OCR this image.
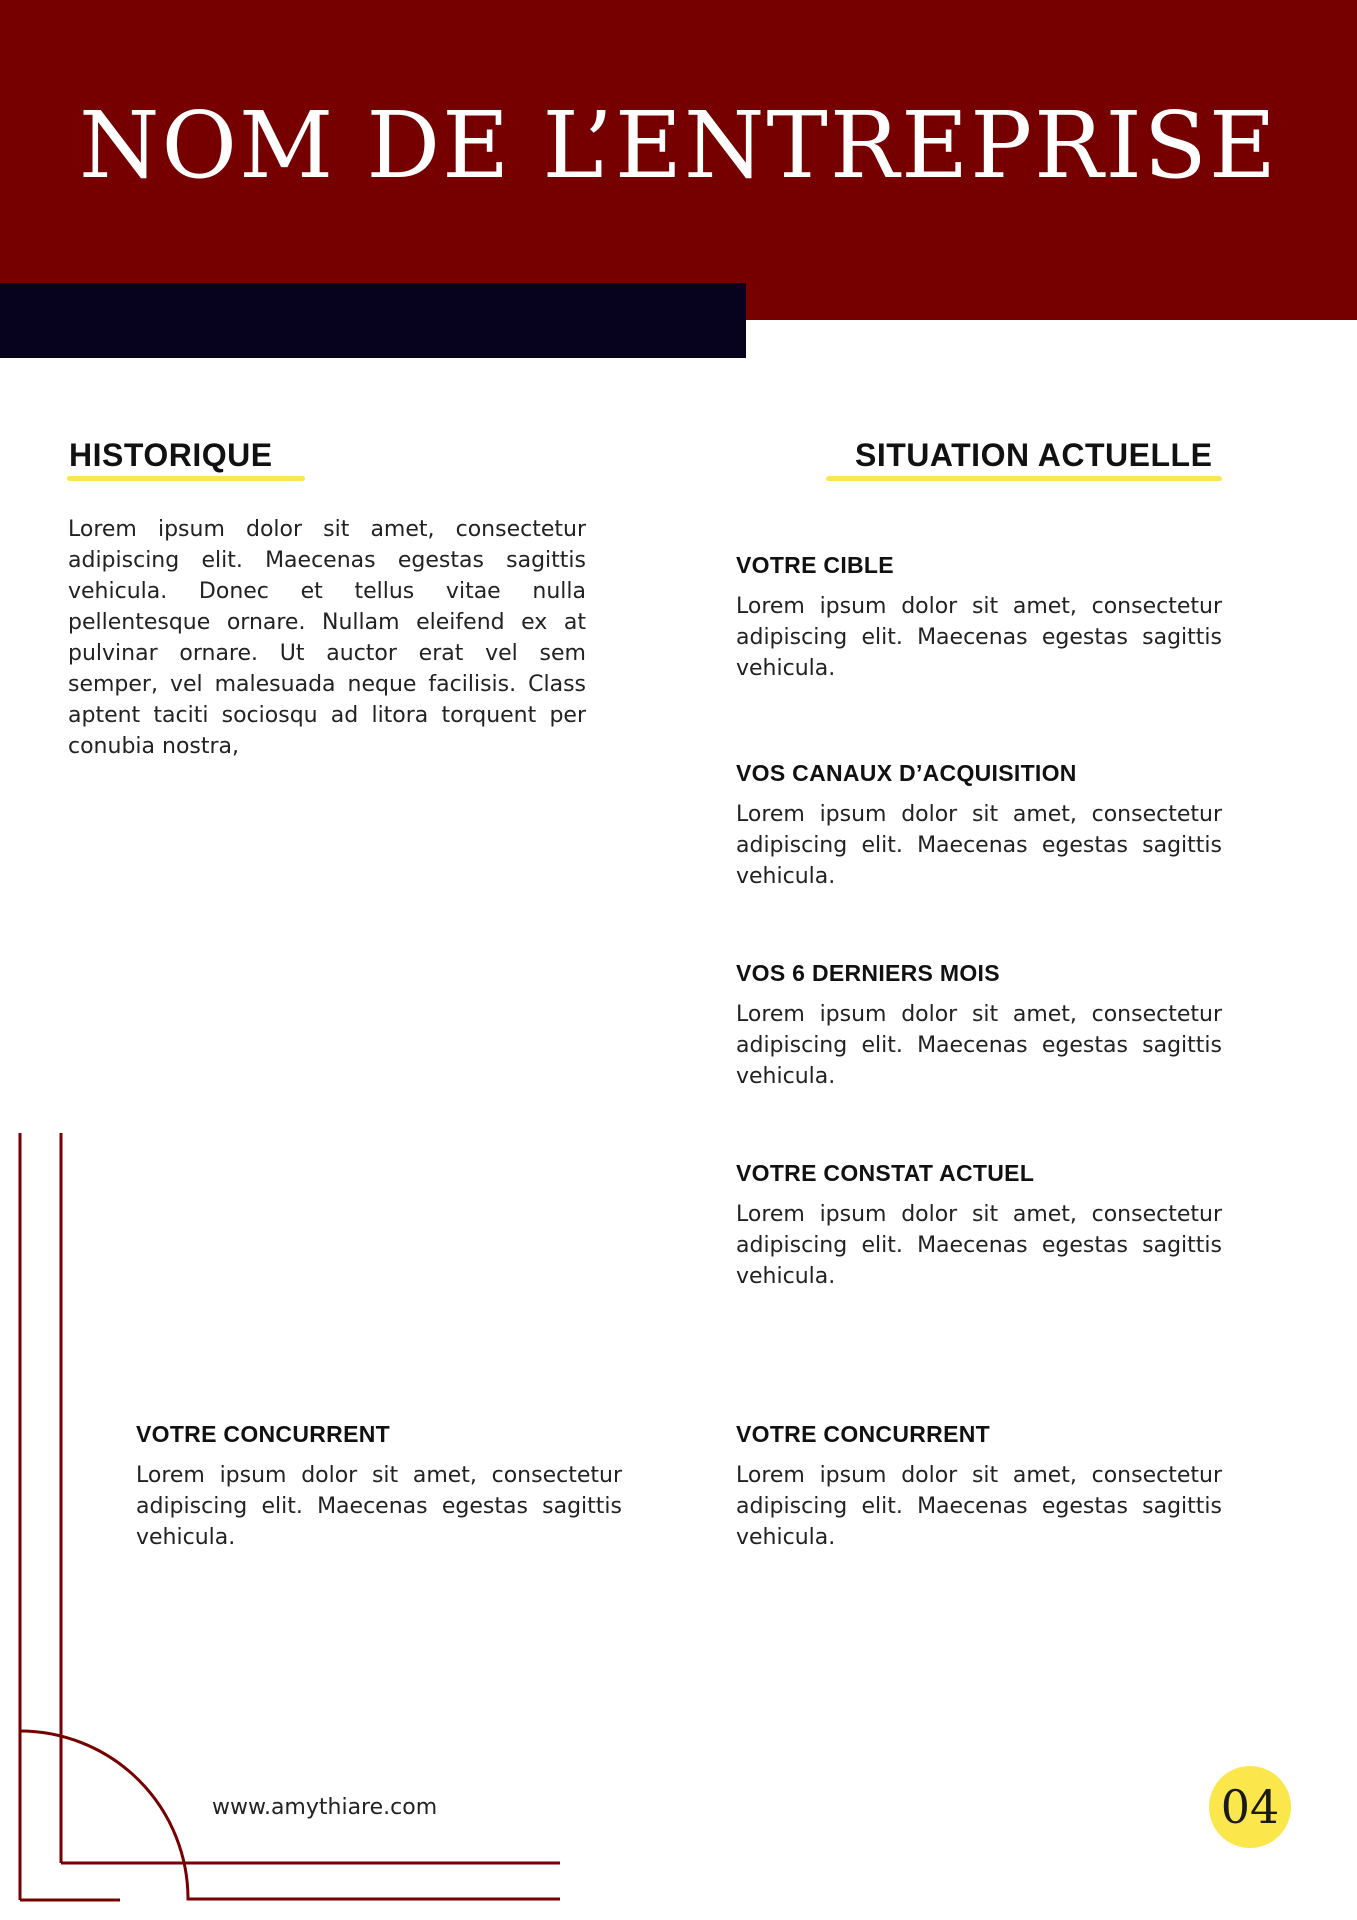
NOM DE L’ENTREPRISE
HISTORIQUE
Lorem ipsum dolor sit amet, consectetur adipiscing elit. Maecenas egestas sagittis vehicula. Donec et tellus vitae nulla pellentesque ornare. Nullam eleifend ex at pulvinar ornare. Ut auctor erat vel sem semper, vel malesuada neque facilisis. Class aptent taciti sociosqu ad litora torquent per conubia nostra,
SITUATION ACTUELLE
VOTRE CIBLE
Lorem ipsum dolor sit amet, consectetur adipiscing elit. Maecenas egestas sagittis vehicula.
VOS CANAUX D’ACQUISITION
Lorem ipsum dolor sit amet, consectetur adipiscing elit. Maecenas egestas sagittis vehicula.
VOS 6 DERNIERS MOIS
Lorem ipsum dolor sit amet, consectetur adipiscing elit. Maecenas egestas sagittis vehicula.
VOTRE CONSTAT ACTUEL
Lorem ipsum dolor sit amet, consectetur adipiscing elit. Maecenas egestas sagittis vehicula.
VOTRE CONCURRENT
Lorem ipsum dolor sit amet, consectetur adipiscing elit. Maecenas egestas sagittis vehicula.
VOTRE CONCURRENT
Lorem ipsum dolor sit amet, consectetur adipiscing elit. Maecenas egestas sagittis vehicula.
www.amythiare.com	04
